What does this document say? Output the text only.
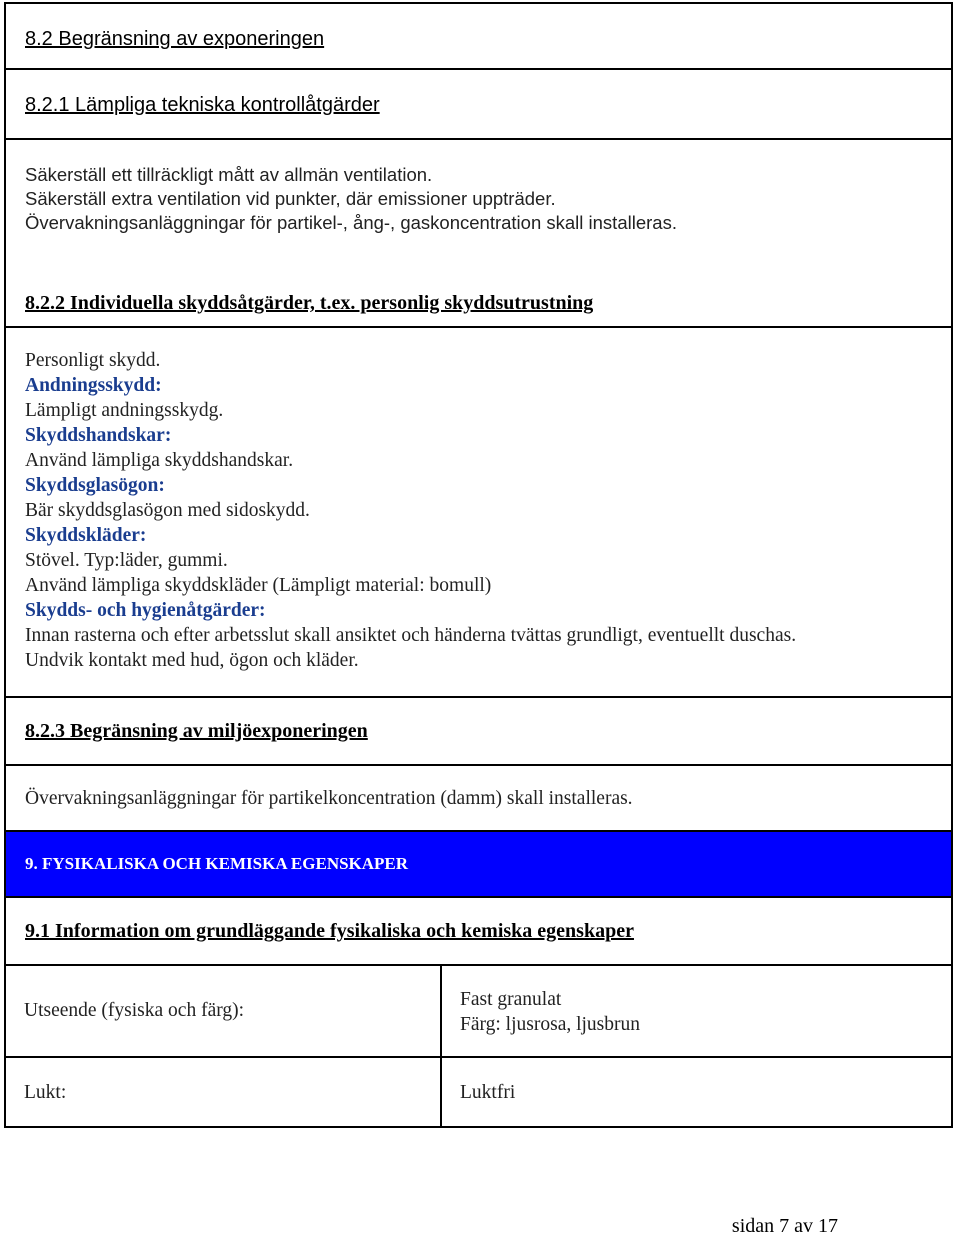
8.2 Begränsning av exponeringen
8.2.1 Lämpliga tekniska kontrollåtgärder
Säkerställ ett tillräckligt mått av allmän ventilation.
Säkerställ extra ventilation vid punkter, där emissioner uppträder.
Övervakningsanläggningar för partikel-, ång-, gaskoncentration skall installeras.
8.2.2 Individuella skyddsåtgärder, t.ex. personlig skyddsutrustning
Personligt skydd.
Andningsskydd:
Lämpligt andningsskydg.
Skyddshandskar:
Använd lämpliga skyddshandskar.
Skyddsglasögon:
Bär skyddsglasögon med sidoskydd.
Skyddskläder:
Stövel. Typ:läder, gummi.
Använd lämpliga skyddskläder (Lämpligt material: bomull)
Skydds- och hygienåtgärder:
Innan rasterna och efter arbetsslut skall ansiktet och händerna tvättas grundligt, eventuellt duschas.
Undvik kontakt med hud, ögon och kläder.
8.2.3 Begränsning av miljöexponeringen
Övervakningsanläggningar för partikelkoncentration (damm) skall installeras.
9. FYSIKALISKA OCH KEMISKA EGENSKAPER
9.1 Information om grundläggande fysikaliska och kemiska egenskaper
Utseende (fysiska och färg):
Fast granulat
Färg: ljusrosa, ljusbrun
Lukt:	Luktfri
sidan 7 av 17
